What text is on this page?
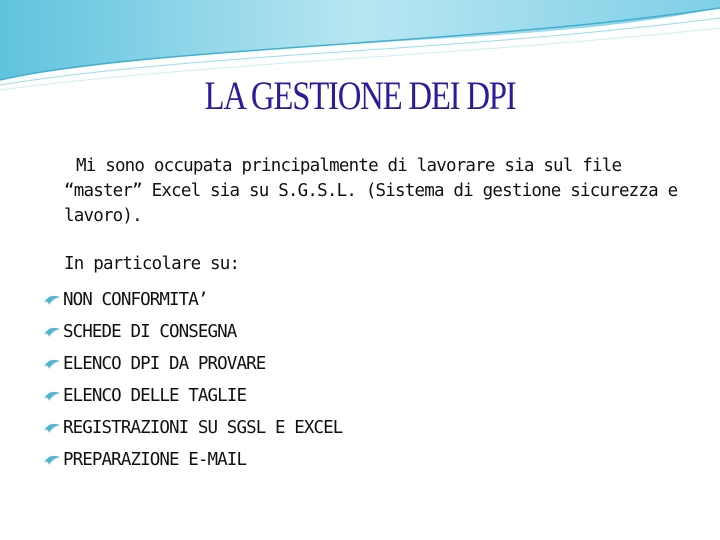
LA GESTIONE DEI DPI

Mi sono occupata principalmente di lavorare sia sul file “master” Excel sia su S.G.S.L. (Sistema di gestione sicurezza e lavoro).

In particolare su:

NON CONFORMITA’
SCHEDE DI CONSEGNA
ELENCO DPI DA PROVARE
ELENCO DELLE TAGLIE
REGISTRAZIONI SU SGSL E EXCEL
PREPARAZIONE E-MAIL
